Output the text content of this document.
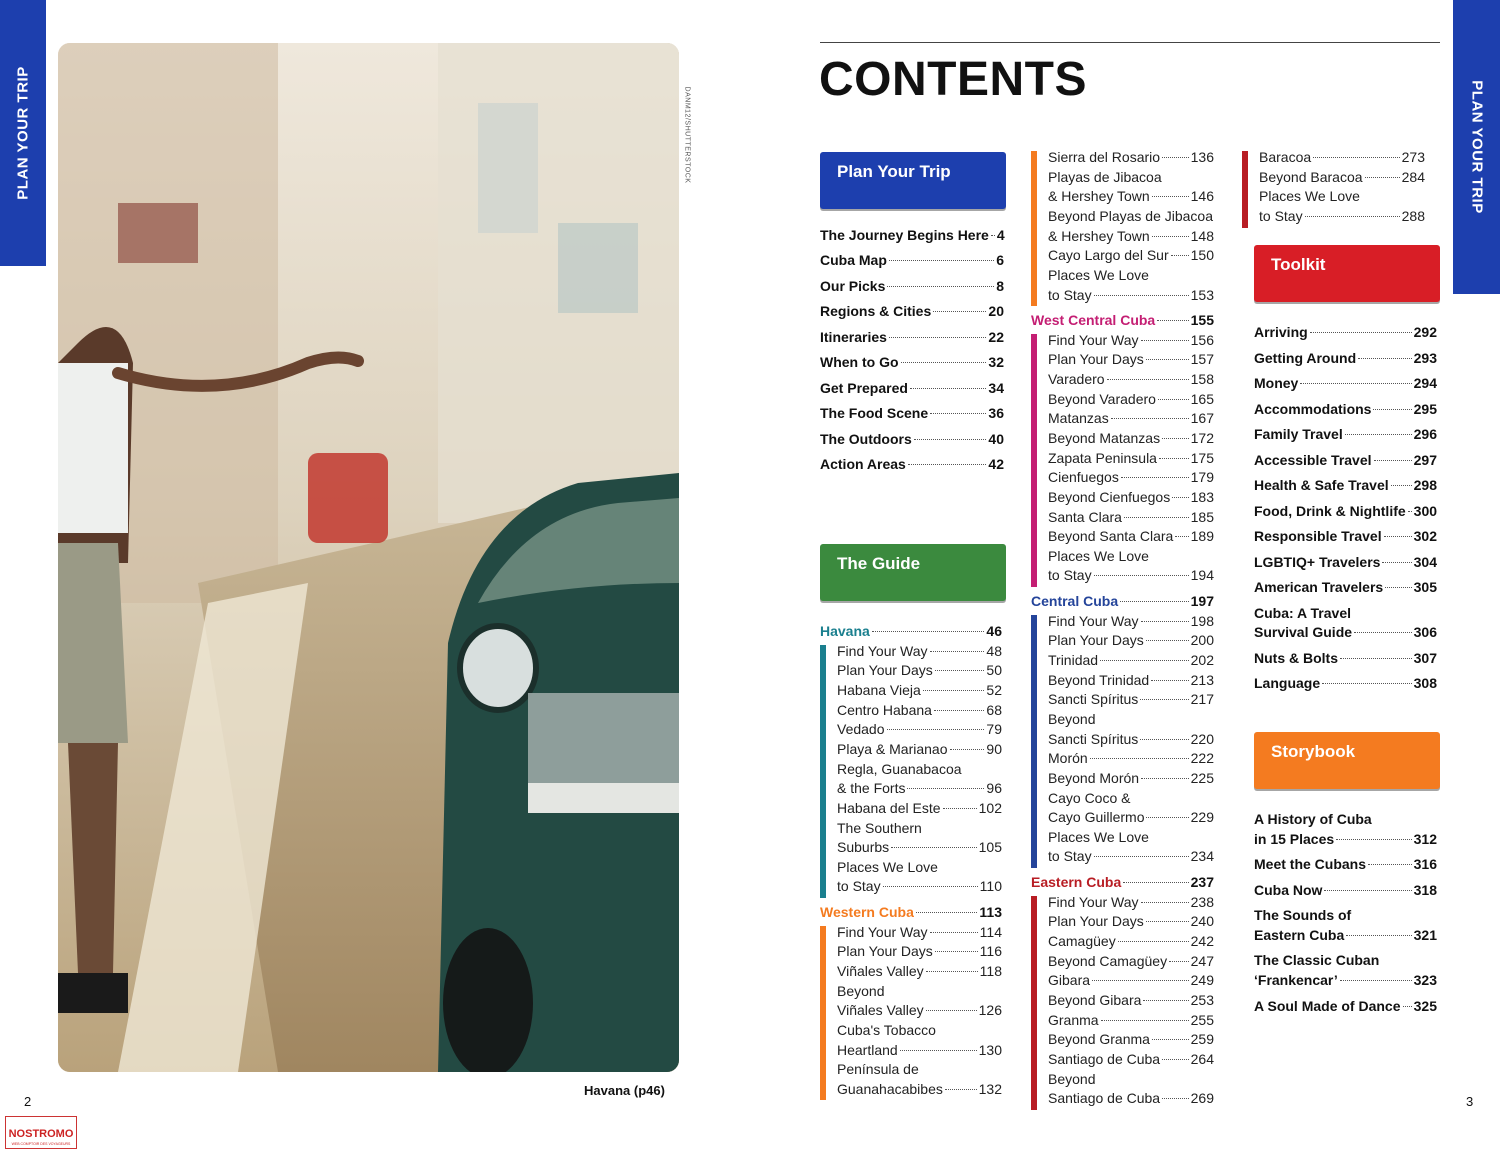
PLAN YOUR TRIP	DANM12/SHUTTERSTOCK
Havana (p46)
2
NOSTROMO
WEB COMPTOIR DES VOYAGEURS
PLAN YOUR TRIP
3
CONTENTS
Plan Your Trip
The Journey Begins Here 4
Cuba Map	6
Our Picks	8
Regions & Cities	20
Itineraries	22
When to Go	32
Get Prepared	34
The Food Scene	36
The Outdoors	40
Action Areas	42
The Guide
Havana	46
Find Your Way	48
Plan Your Days	50
Habana Vieja	52
Centro Habana	68
Vedado	79
Playa & Marianao	90
Regla, Guanabacoa
& the Forts	96
Habana del Este	102
The Southern
Suburbs	105
Places We Love
to Stay	110
Western Cuba	113
Find Your Way	114
Plan Your Days	116
Viñales Valley	118
Beyond
Viñales Valley	126
Cuba's Tobacco
Heartland	130
Península de
Guanahacabibes	132
Sierra del Rosario 136
Playas de Jibacoa
& Hershey Town	146
Beyond Playas de Jibacoa
& Hershey Town	148
Cayo Largo del Sur 150
Places We Love
to Stay	153
West Central Cuba	155
Find Your Way	156
Plan Your Days	157
Varadero	158
Beyond Varadero 165
Matanzas	167
Beyond Matanzas 172
Zapata Peninsula 175
Cienfuegos	179
Beyond Cienfuegos 183
Santa Clara	185
Beyond Santa Clara 189
Places We Love
to Stay	194
Central Cuba	197
Find Your Way	198
Plan Your Days	200
Trinidad	202
Beyond Trinidad	213
Sancti Spíritus	217
Beyond
Sancti Spíritus	220
Morón	222
Beyond Morón	225
Cayo Coco &
Cayo Guillermo	229
Places We Love
to Stay	234
Eastern Cuba	237
Find Your Way	238
Plan Your Days	240
Camagüey	242
Beyond Camagüey 247
Gibara	249
Beyond Gibara	253
Granma	255
Beyond Granma	259
Santiago de Cuba 264
Beyond
Santiago de Cuba 269
Baracoa	273
Beyond Baracoa	284
Places We Love
to Stay	288
Toolkit
Arriving	292
Getting Around	293
Money	294
Accommodations	295
Family Travel	296
Accessible Travel	297
Health & Safe Travel 298
Food, Drink & Nightlife 300
Responsible Travel 302
LGBTIQ+ Travelers 304
American Travelers 305
Cuba: A Travel
Survival Guide	306
Nuts & Bolts	307
Language	308
Storybook
A History of Cuba
in 15 Places	312
Meet the Cubans	316
Cuba Now	318
The Sounds of
Eastern Cuba	321
The Classic Cuban
‘Frankencar’	323
A Soul Made of Dance 325
